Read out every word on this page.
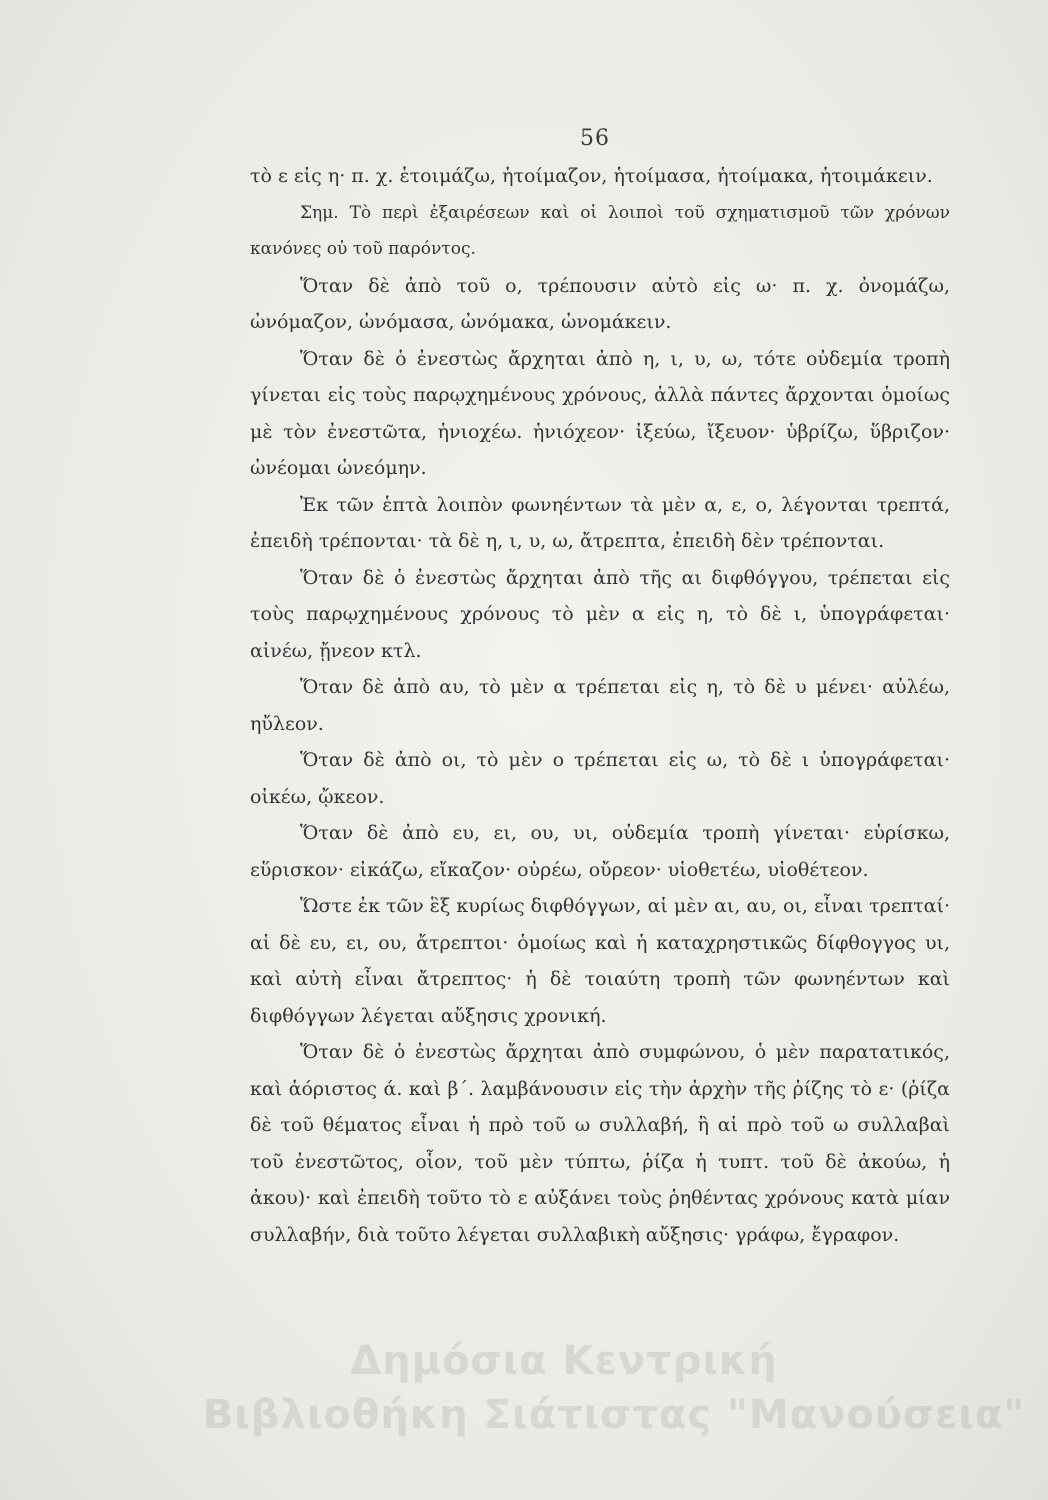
56

τὸ ε εἰς η· π. χ. ἑτοιμάζω, ἡτοίμαζον, ἡτοίμασα, ἡτοίμακα, ἡτοιμάκειν.

Σημ. Τὸ περὶ ἐξαιρέσεων καὶ οἱ λοιποὶ τοῦ σχηματισμοῦ τῶν χρόνων κανόνες οὐ τοῦ παρόντος.

Ὅταν δὲ ἀπὸ τοῦ ο, τρέπουσιν αὐτὸ εἰς ω· π. χ. ὀνομάζω, ὠνόμαζον, ὠνόμασα, ὠνόμακα, ὠνομάκειν.

Ὅταν δὲ ὁ ἐνεστὼς ἄρχηται ἀπὸ η, ι, υ, ω, τότε οὐδεμία τροπὴ γίνεται εἰς τοὺς παρῳχημένους χρόνους, ἀλλὰ πάντες ἄρχονται ὁμοίως μὲ τὸν ἐνεστῶτα, ἡνιοχέω. ἡνιόχεον· ἰξεύω, ἴξευον· ὑβρίζω, ὕβριζον· ὠνέομαι ὠνεόμην.

Ἐκ τῶν ἑπτὰ λοιπὸν φωνηέντων τὰ μὲν α, ε, ο, λέγονται τρεπτά, ἐπειδὴ τρέπονται· τὰ δὲ η, ι, υ, ω, ἄτρεπτα, ἐπειδὴ δὲν τρέπονται.

Ὅταν δὲ ὁ ἐνεστὼς ἄρχηται ἀπὸ τῆς αι διφθόγγου, τρέπεται εἰς τοὺς παρῳχημένους χρόνους τὸ μὲν α εἰς η, τὸ δὲ ι, ὑπογράφεται· αἰνέω, ᾔνεον κτλ.

Ὅταν δὲ ἀπὸ αυ, τὸ μὲν α τρέπεται εἰς η, τὸ δὲ υ μένει· αὐλέω, ηὔλεον.

Ὅταν δὲ ἀπὸ οι, τὸ μὲν ο τρέπεται εἰς ω, τὸ δὲ ι ὑπογράφεται· οἰκέω, ᾤκεον.

Ὅταν δὲ ἀπὸ ευ, ει, ου, υι, οὐδεμία τροπὴ γίνεται· εὑρίσκω, εὕρισκον· εἰκάζω, εἴκαζον· οὐρέω, οὔρεον· υἱοθετέω, υἱοθέτεον.

Ὥστε ἐκ τῶν ἓξ κυρίως διφθόγγων, αἱ μὲν αι, αυ, οι, εἶναι τρεπταί· αἱ δὲ ευ, ει, ου, ἄτρεπτοι· ὁμοίως καὶ ἡ καταχρηστικῶς δίφθογγος υι, καὶ αὐτὴ εἶναι ἄτρεπτος· ἡ δὲ τοιαύτη τροπὴ τῶν φωνηέντων καὶ διφθόγγων λέγεται αὔξησις χρονική.

Ὅταν δὲ ὁ ἐνεστὼς ἄρχηται ἀπὸ συμφώνου, ὁ μὲν παρατατικός, καὶ ἀόριστος ά. καὶ β΄. λαμβάνουσιν εἰς τὴν ἀρχὴν τῆς ῥίζης τὸ ε· (ῥίζα δὲ τοῦ θέματος εἶναι ἡ πρὸ τοῦ ω συλλαβή, ἢ αἱ πρὸ τοῦ ω συλλαβαὶ τοῦ ἐνεστῶτος, οἷον, τοῦ μὲν τύπτω, ῥίζα ἡ τυπτ. τοῦ δὲ ἀκούω, ἡ ἀκου)· καὶ ἐπειδὴ τοῦτο τὸ ε αὐξάνει τοὺς ῥηθέντας χρόνους κατὰ μίαν συλλαβήν, διὰ τοῦτο λέγεται συλλαβικὴ αὔξησις· γράφω, ἔγραφον.

Δημόσια Κεντρική
Βιβλιοθήκη Σιάτιστας "Μανούσεια"
